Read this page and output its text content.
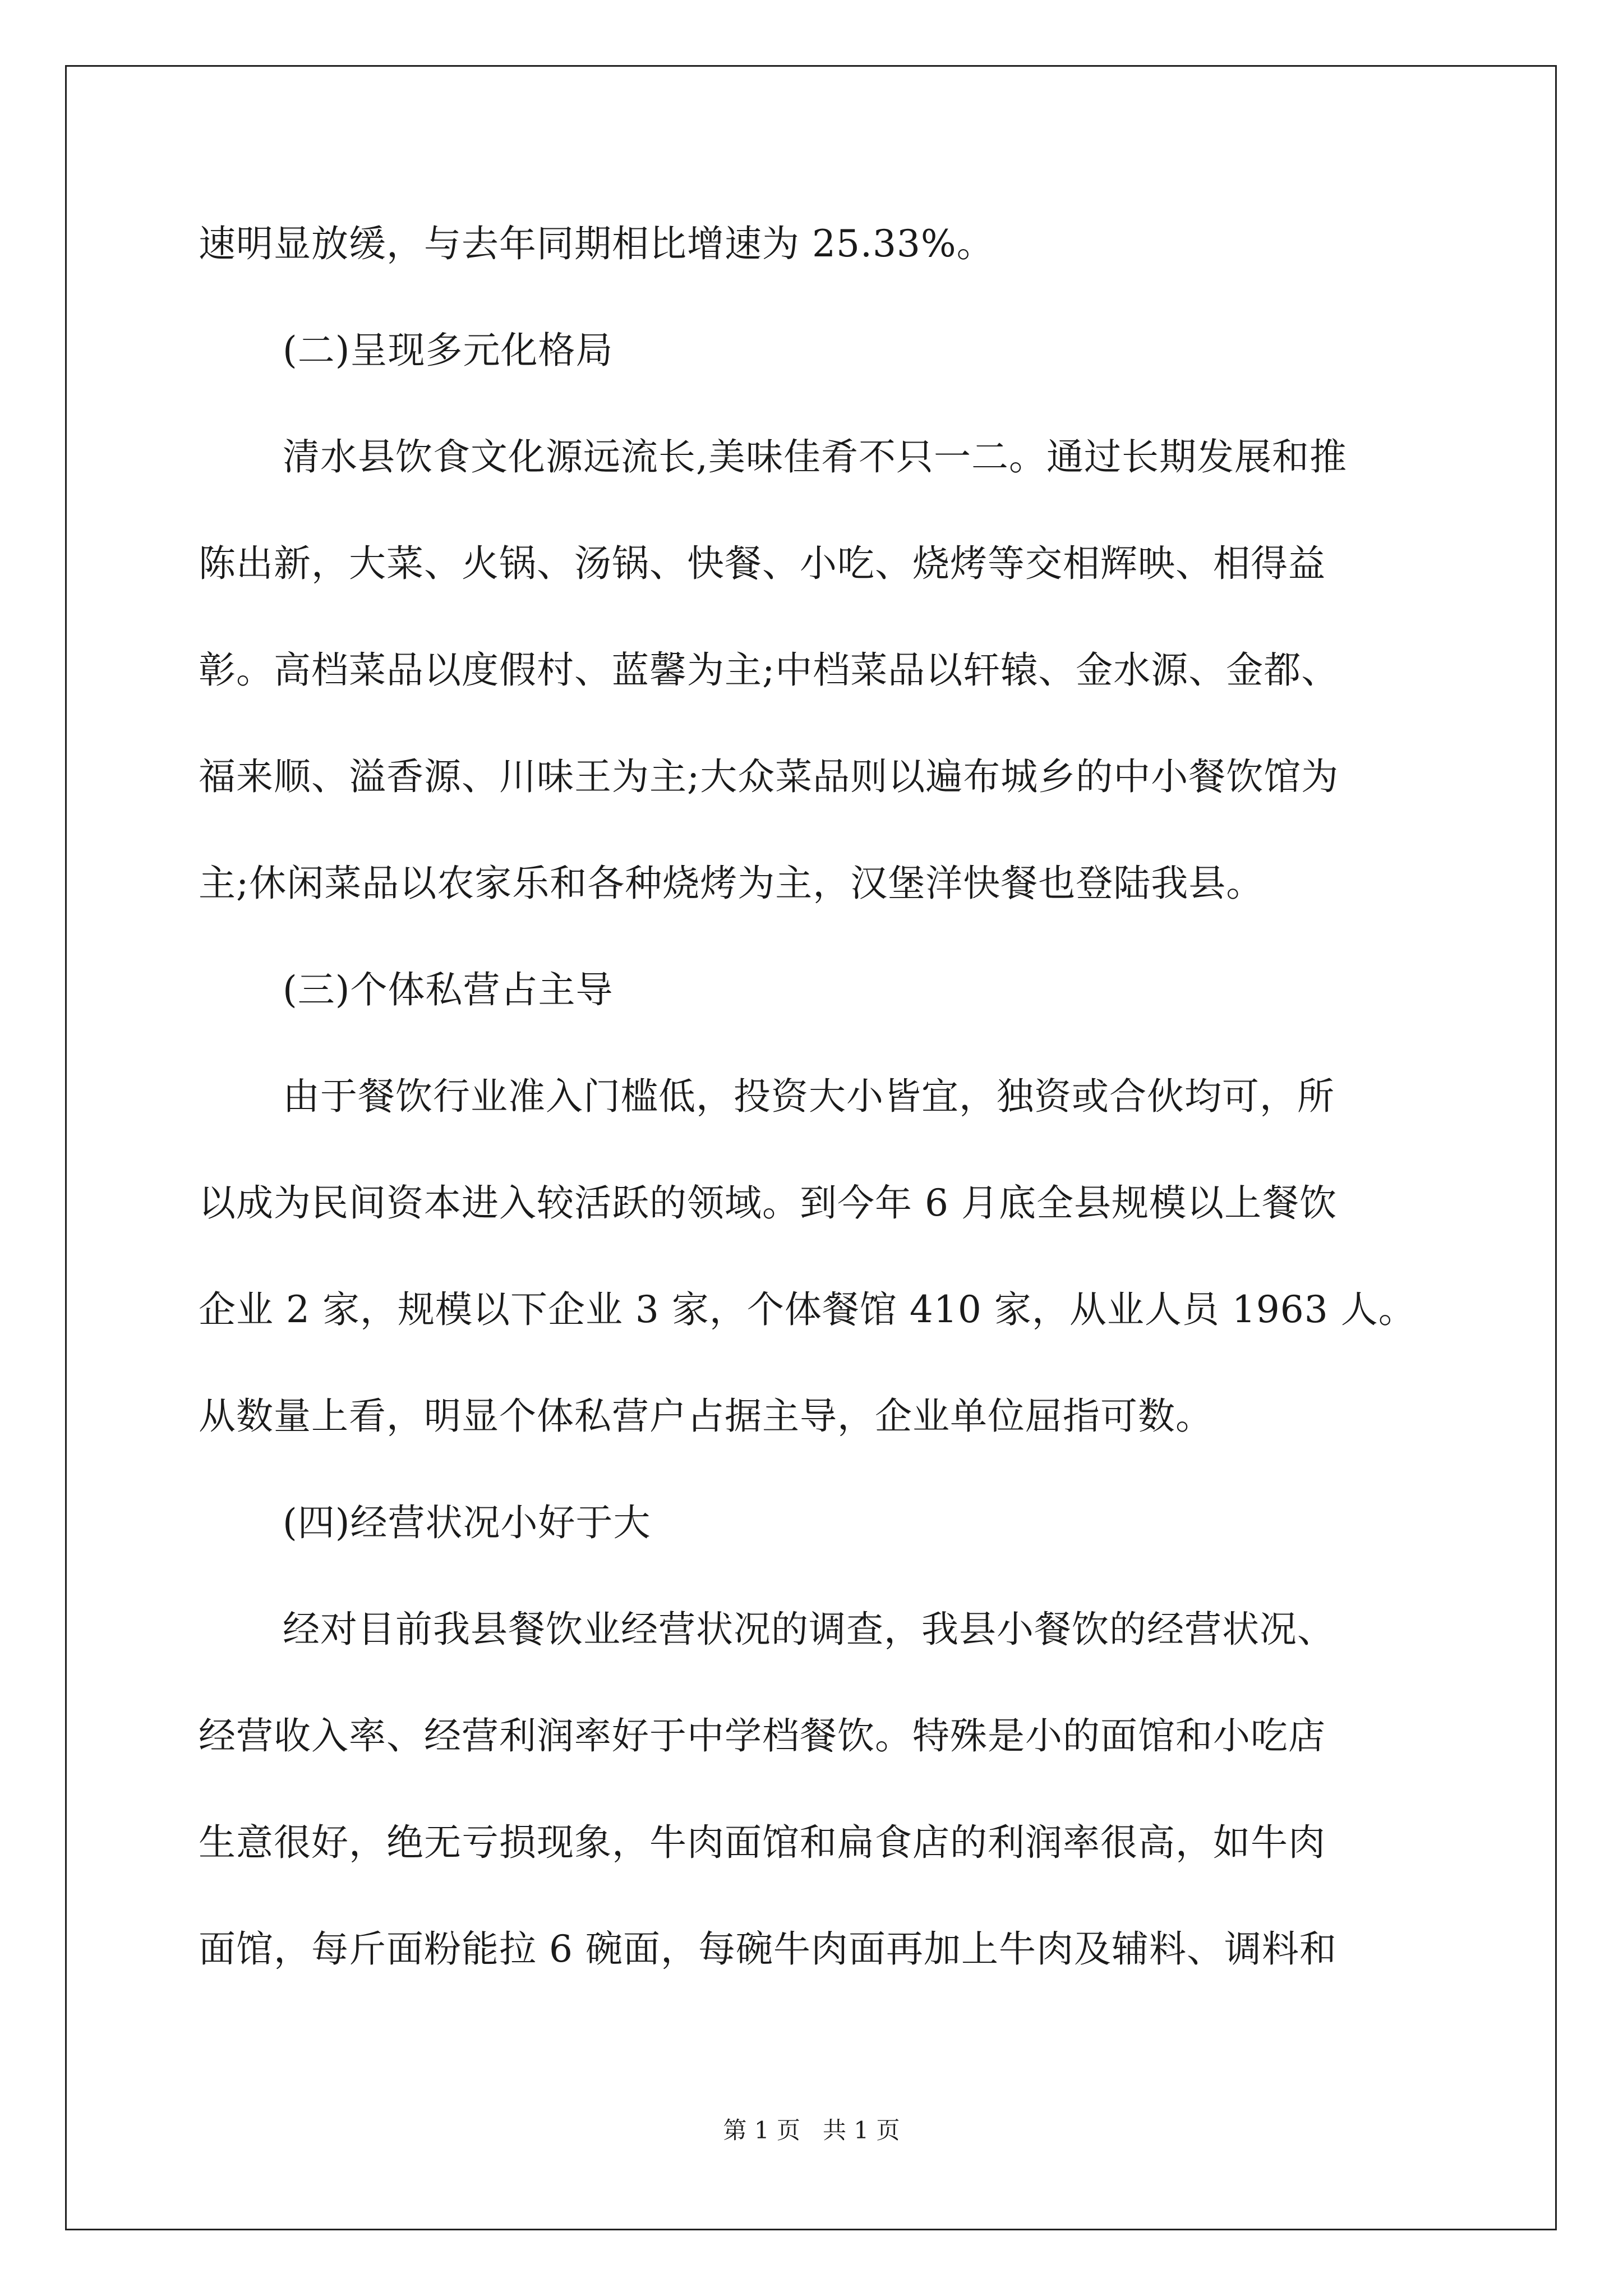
速明显放缓，与去年同期相比增速为 25.33%。
(二)呈现多元化格局
清水县饮食文化源远流长,美味佳肴不只一二。通过长期发展和推
陈出新，大菜、火锅、汤锅、快餐、小吃、烧烤等交相辉映、相得益
彰。高档菜品以度假村、蓝馨为主;中档菜品以轩辕、金水源、金都、
福来顺、溢香源、川味王为主;大众菜品则以遍布城乡的中小餐饮馆为
主;休闲菜品以农家乐和各种烧烤为主，汉堡洋快餐也登陆我县。
(三)个体私营占主导
由于餐饮行业准入门槛低，投资大小皆宜，独资或合伙均可，所
以成为民间资本进入较活跃的领域。到今年 6 月底全县规模以上餐饮
企业 2 家，规模以下企业 3 家，个体餐馆 410 家，从业人员 1963 人。
从数量上看，明显个体私营户占据主导，企业单位屈指可数。
(四)经营状况小好于大
经对目前我县餐饮业经营状况的调查，我县小餐饮的经营状况、
经营收入率、经营利润率好于中学档餐饮。特殊是小的面馆和小吃店
生意很好，绝无亏损现象，牛肉面馆和扁食店的利润率很高，如牛肉
面馆，每斤面粉能拉 6 碗面，每碗牛肉面再加上牛肉及辅料、调料和
第 1 页   共 1 页
